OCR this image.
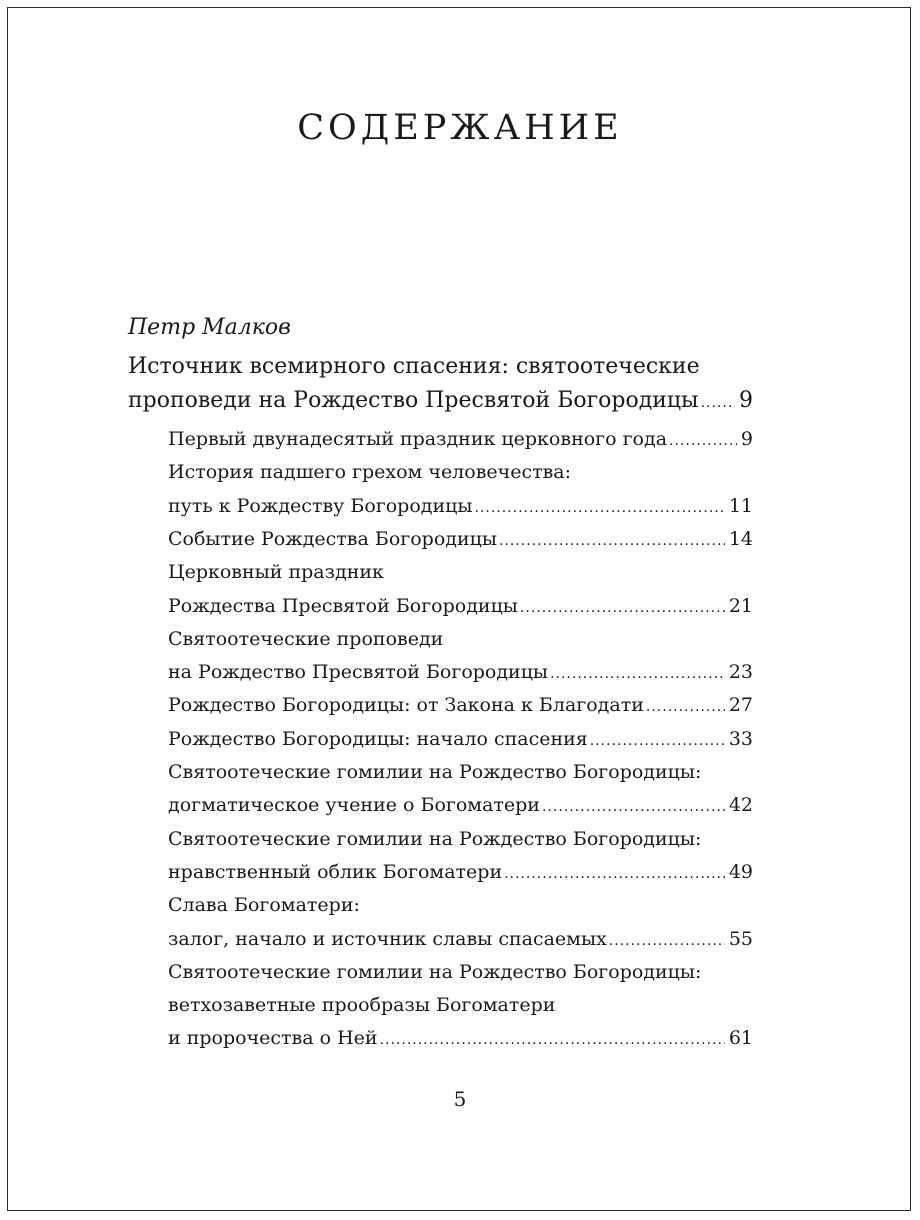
СОДЕРЖАНИЕ
Петр Малков
Источник всемирного спасения: святоотеческие
проповеди на Рождество Пресвятой Богородицы ..... 9
Первый двунадесятый праздник церковного года .....	9
История падшего грехом человечества:
путь к Рождеству Богородицы .....	11
Событие Рождества Богородицы .....	14
Церковный праздник
Рождества Пресвятой Богородицы .....	21
Святоотеческие проповеди
на Рождество Пресвятой Богородицы .....	23
Рождество Богородицы: от Закона к Благодати .....	27
Рождество Богородицы: начало спасения .....	33
Святоотеческие гомилии на Рождество Богородицы:
догматическое учение о Богоматери .....	42
Святоотеческие гомилии на Рождество Богородицы:
нравственный облик Богоматери .....	49
Слава Богоматери:
залог, начало и источник славы спасаемых .....	55
Святоотеческие гомилии на Рождество Богородицы:
ветхозаветные прообразы Богоматери
и пророчества о Ней .....	61
5
